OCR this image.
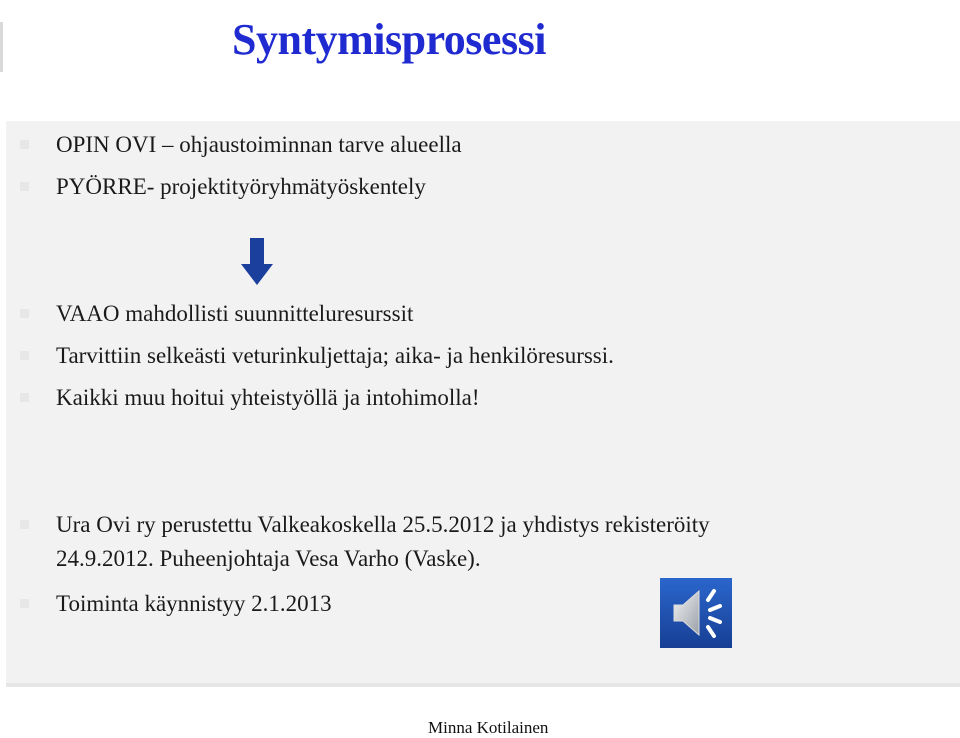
Syntymisprosessi
OPIN OVI – ohjaustoiminnan tarve alueella
PYÖRRE- projektityöryhmätyöskentely
VAAO mahdollisti suunnitteluresurssit
Tarvittiin selkeästi veturinkuljettaja; aika- ja henkilöresurssi.
Kaikki muu hoitui yhteistyöllä ja intohimolla!
Ura Ovi ry perustettu Valkeakoskella 25.5.2012 ja yhdistys rekisteröity
24.9.2012. Puheenjohtaja Vesa Varho (Vaske).
Toiminta käynnistyy 2.1.2013
Minna Kotilainen
